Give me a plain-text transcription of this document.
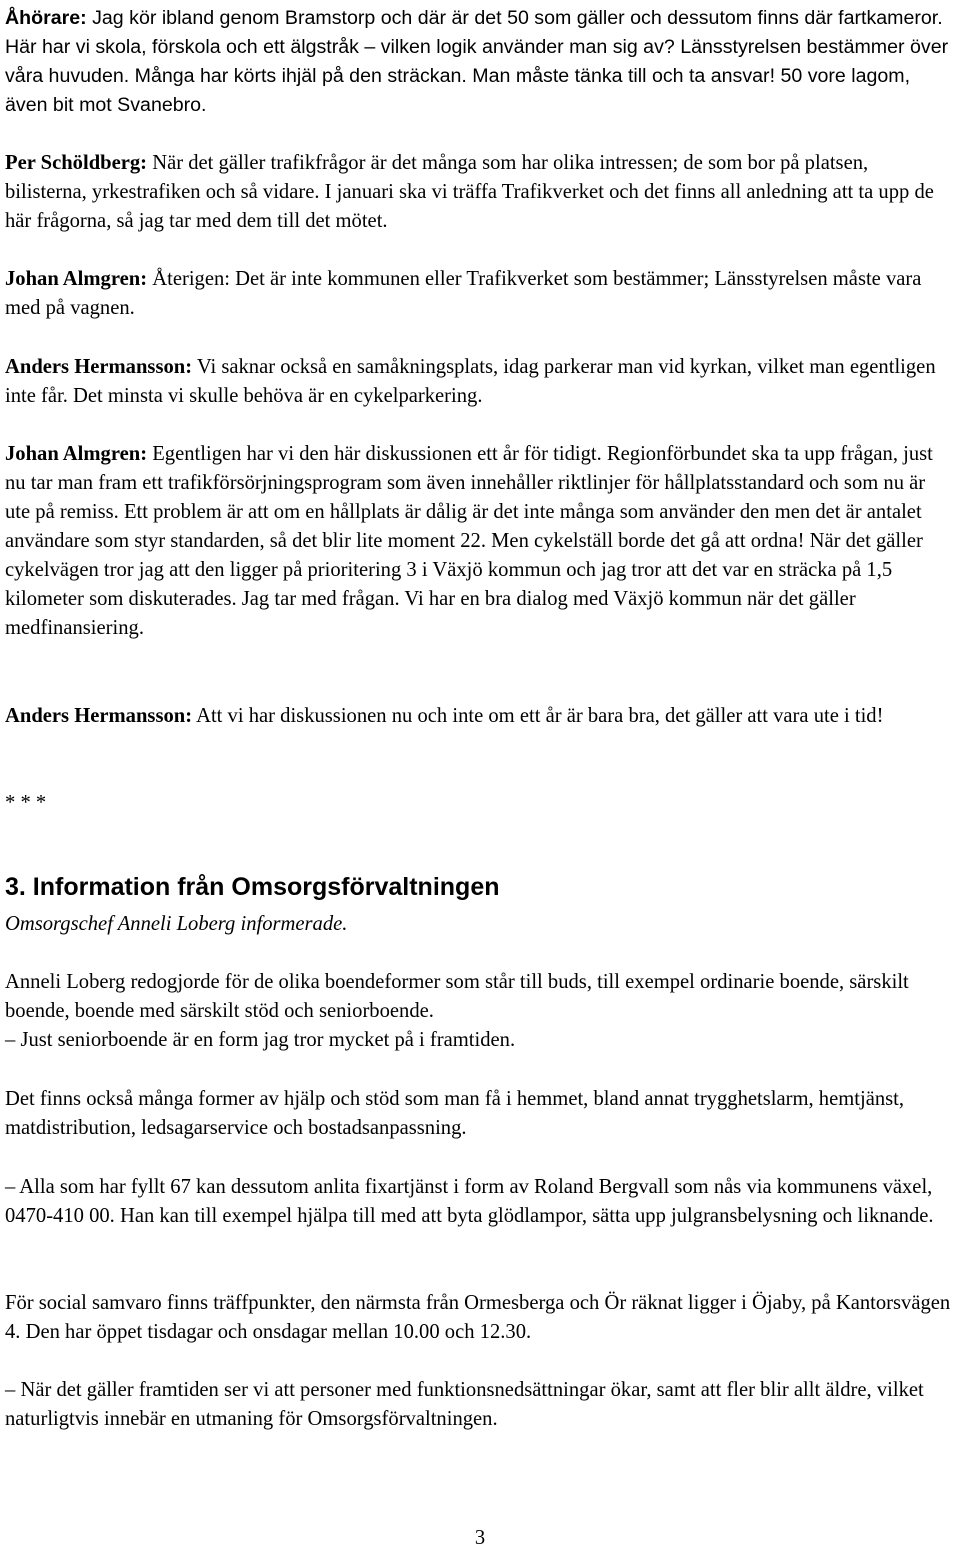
Åhörare: Jag kör ibland genom Bramstorp och där är det 50 som gäller och dessutom finns där fartkameror. Här har vi skola, förskola och ett älgstråk – vilken logik använder man sig av? Länsstyrelsen bestämmer över våra huvuden. Många har körts ihjäl på den sträckan. Man måste tänka till och ta ansvar! 50 vore lagom, även bit mot Svanebro.

Per Schöldberg: När det gäller trafikfrågor är det många som har olika intressen; de som bor på platsen, bilisterna, yrkestrafiken och så vidare. I januari ska vi träffa Trafikverket och det finns all anledning att ta upp de här frågorna, så jag tar med dem till det mötet.

Johan Almgren: Återigen: Det är inte kommunen eller Trafikverket som bestämmer; Länsstyrelsen måste vara med på vagnen.

Anders Hermansson: Vi saknar också en samåkningsplats, idag parkerar man vid kyrkan, vilket man egentligen inte får. Det minsta vi skulle behöva är en cykelparkering.

Johan Almgren: Egentligen har vi den här diskussionen ett år för tidigt. Regionförbundet ska ta upp frågan, just nu tar man fram ett trafikförsörjningsprogram som även innehåller riktlinjer för hållplatsstandard och som nu är ute på remiss. Ett problem är att om en hållplats är dålig är det inte många som använder den men det är antalet användare som styr standarden, så det blir lite moment 22. Men cykelställ borde det gå att ordna! När det gäller cykelvägen tror jag att den ligger på prioritering 3 i Växjö kommun och jag tror att det var en sträcka på 1,5 kilometer som diskuterades. Jag tar med frågan. Vi har en bra dialog med Växjö kommun när det gäller medfinansiering.

Anders Hermansson: Att vi har diskussionen nu och inte om ett år är bara bra, det gäller att vara ute i tid!

* * *

3. Information från Omsorgsförvaltningen

Omsorgschef Anneli Loberg informerade.

Anneli Loberg redogjorde för de olika boendeformer som står till buds, till exempel ordinarie boende, särskilt boende, boende med särskilt stöd och seniorboende.

– Just seniorboende är en form jag tror mycket på i framtiden.

Det finns också många former av hjälp och stöd som man få i hemmet, bland annat trygghetslarm, hemtjänst, matdistribution, ledsagarservice och bostadsanpassning.

– Alla som har fyllt 67 kan dessutom anlita fixartjänst i form av Roland Bergvall som nås via kommunens växel, 0470-410 00. Han kan till exempel hjälpa till med att byta glödlampor, sätta upp julgransbelysning och liknande.

För social samvaro finns träffpunkter, den närmsta från Ormesberga och Ör räknat ligger i Öjaby, på Kantorsvägen 4. Den har öppet tisdagar och onsdagar mellan 10.00 och 12.30.

– När det gäller framtiden ser vi att personer med funktionsnedsättningar ökar, samt att fler blir allt äldre, vilket naturligtvis innebär en utmaning för Omsorgsförvaltningen.

3
